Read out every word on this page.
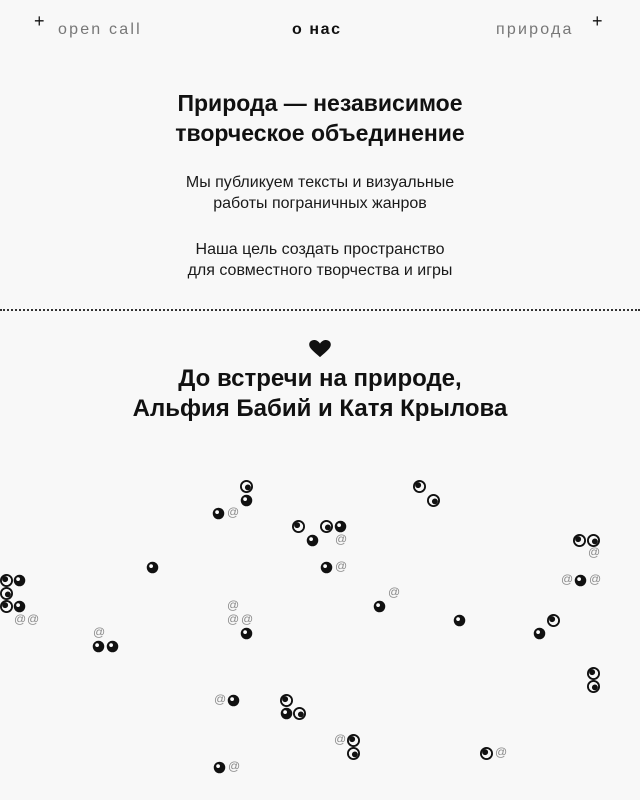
+ open call	о нас	природа +
Природа — независимое
творческое объединение

Мы публикуем тексты и визуальные
работы пограничных жанров

Наша цель создать пространство
для совместного творчества и игры

До встречи на природе,
Альфия Бабий и Катя Крылова
@
@
@
@
@ @
@ @
@
@ @
@
@
@
@
@
@
